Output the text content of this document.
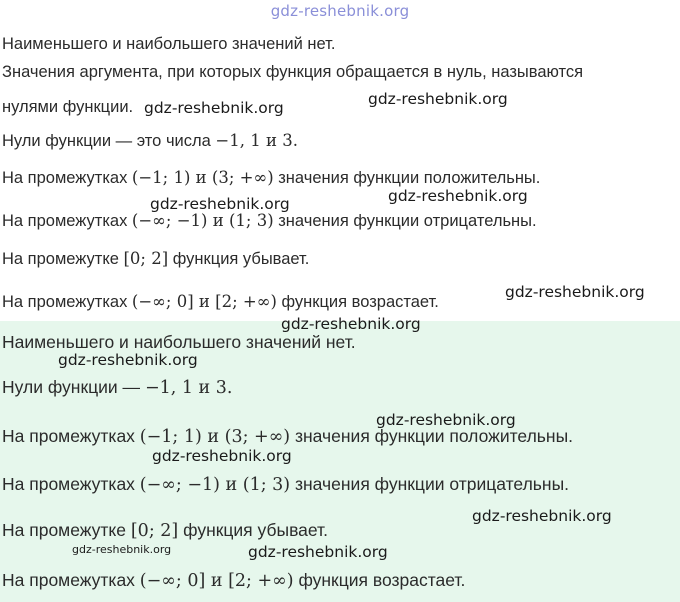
gdz-reshebnik.org
Наименьшего и наибольшего значений нет.
Значения аргумента, при которых функция обращается в нуль, называются
нулями функции.
Нули функции — это числа −1, 1 и 3.
На промежутках (−1; 1) и (3; +∞) значения функции положительны.
На промежутках (−∞; −1) и (1; 3) значения функции отрицательны.
На промежутке [0; 2] функция убывает.
На промежутках (−∞; 0] и [2; +∞) функция возрастает.
Наименьшего и наибольшего значений нет.
Нули функции — −1, 1 и 3.
На промежутках (−1; 1) и (3; +∞) значения функции положительны.
На промежутках (−∞; −1) и (1; 3) значения функции отрицательны.
На промежутке [0; 2] функция убывает.
На промежутках (−∞; 0] и [2; +∞) функция возрастает.
gdz-reshebnik.org	gdz-reshebnik.org
gdz-reshebnik.org
gdz-reshebnik.org
gdz-reshebnik.org
gdz-reshebnik.org
gdz-reshebnik.org
gdz-reshebnik.org
gdz-reshebnik.org
gdz-reshebnik.org
gdz-reshebnik.org	gdz-reshebnik.org
